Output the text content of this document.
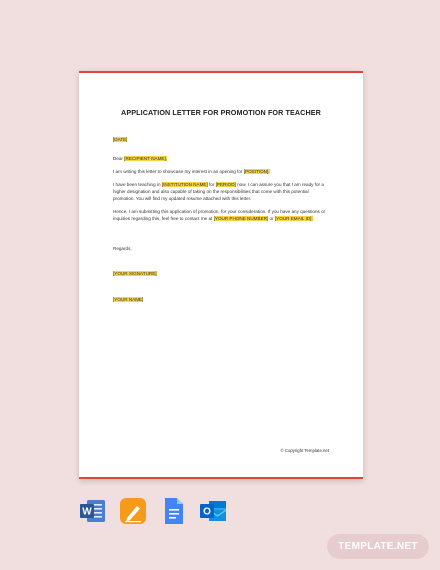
APPLICATION LETTER FOR PROMOTION FOR TEACHER
[DATE]
Dear [RECIPIENT NAME],
I am writing this letter to showcase my interest in an opening for [POSITION].
I have been teaching in [INSTITUTION NAME] for [PERIOD] now. I can assure you that I am ready for a higher designation and also capable of taking on the responsibilities that come with this potential promotion. You will find my updated resume attached with this letter.
Hence, I am submitting this application of promotion, for your consideration. If you have any questions or inquiries regarding this, feel free to contact me at [YOUR PHONE NUMBER] or [YOUR EMAIL ID].
Regards,
[YOUR SIGNATURE]
[YOUR NAME]
© Copyright Template.net
W	O
TEMPLATE.NET
